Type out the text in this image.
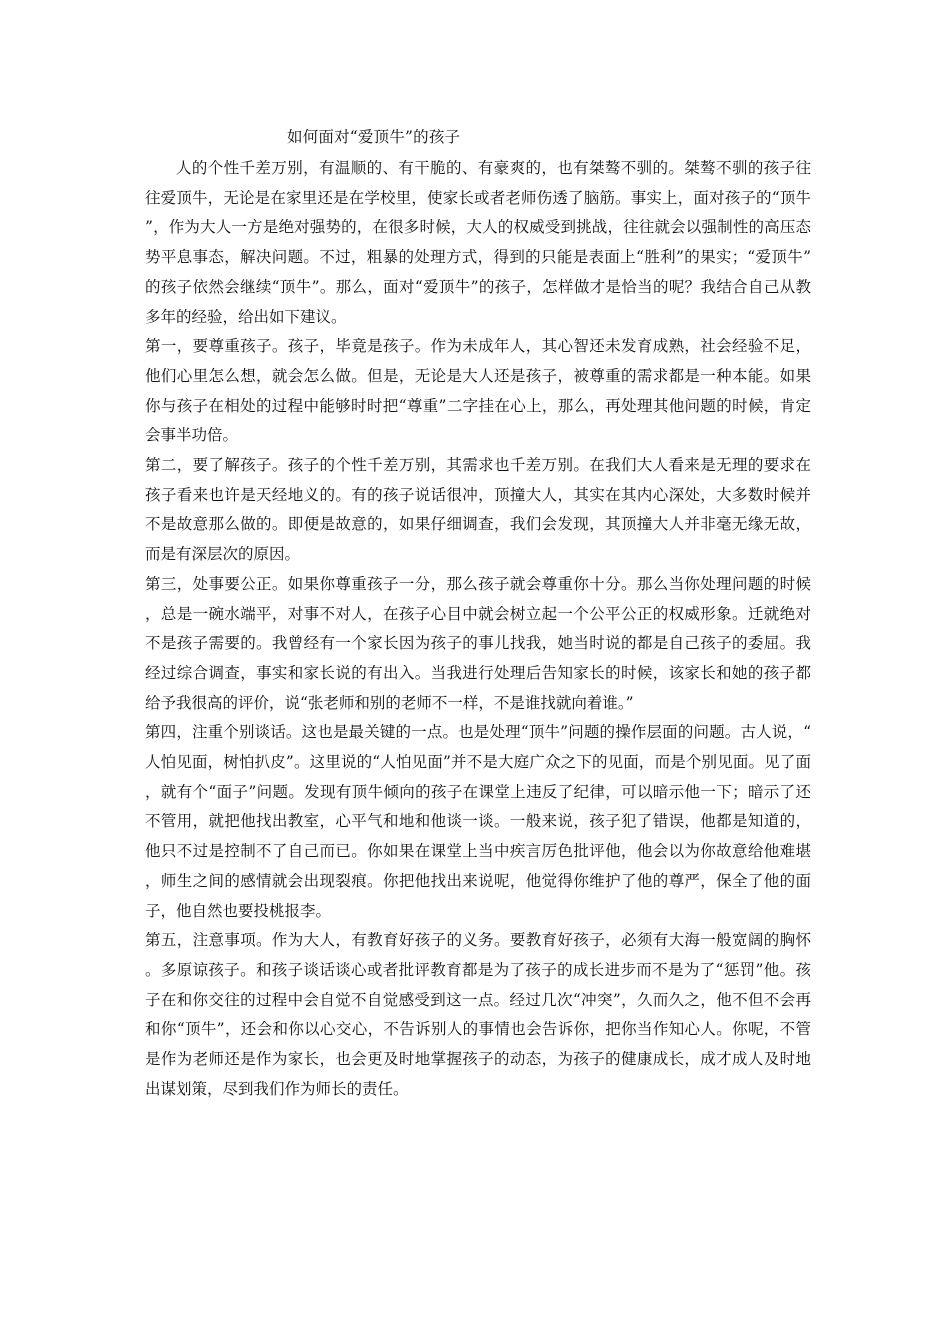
如何面对“爱顶牛”的孩子

人的个性千差万别，有温顺的、有干脆的、有豪爽的，也有桀骜不驯的。桀骜不驯的孩子往往爱顶牛，无论是在家里还是在学校里，使家长或者老师伤透了脑筋。事实上，面对孩子的“顶牛”，作为大人一方是绝对强势的，在很多时候，大人的权威受到挑战，往往就会以强制性的高压态势平息事态，解决问题。不过，粗暴的处理方式，得到的只能是表面上“胜利”的果实；“爱顶牛”的孩子依然会继续“顶牛”。那么，面对“爱顶牛”的孩子，怎样做才是恰当的呢？我结合自己从教多年的经验，给出如下建议。

第一，要尊重孩子。孩子，毕竟是孩子。作为未成年人，其心智还未发育成熟，社会经验不足，他们心里怎么想，就会怎么做。但是，无论是大人还是孩子，被尊重的需求都是一种本能。如果你与孩子在相处的过程中能够时时把“尊重”二字挂在心上，那么，再处理其他问题的时候，肯定会事半功倍。

第二，要了解孩子。孩子的个性千差万别，其需求也千差万别。在我们大人看来是无理的要求在孩子看来也许是天经地义的。有的孩子说话很冲，顶撞大人，其实在其内心深处，大多数时候并不是故意那么做的。即便是故意的，如果仔细调查，我们会发现，其顶撞大人并非毫无缘无故，而是有深层次的原因。

第三，处事要公正。如果你尊重孩子一分，那么孩子就会尊重你十分。那么当你处理问题的时候，总是一碗水端平，对事不对人，在孩子心目中就会树立起一个公平公正的权威形象。迁就绝对不是孩子需要的。我曾经有一个家长因为孩子的事儿找我，她当时说的都是自己孩子的委屈。我经过综合调查，事实和家长说的有出入。当我进行处理后告知家长的时候，该家长和她的孩子都给予我很高的评价，说“张老师和别的老师不一样，不是谁找就向着谁。”

第四，注重个别谈话。这也是最关键的一点。也是处理“顶牛”问题的操作层面的问题。古人说，“人怕见面，树怕扒皮”。这里说的“人怕见面”并不是大庭广众之下的见面，而是个别见面。见了面，就有个“面子”问题。发现有顶牛倾向的孩子在课堂上违反了纪律，可以暗示他一下；暗示了还不管用，就把他找出教室，心平气和地和他谈一谈。一般来说，孩子犯了错误，他都是知道的，他只不过是控制不了自己而已。你如果在课堂上当中疾言厉色批评他，他会以为你故意给他难堪，师生之间的感情就会出现裂痕。你把他找出来说呢，他觉得你维护了他的尊严，保全了他的面子，他自然也要投桃报李。

第五，注意事项。作为大人，有教育好孩子的义务。要教育好孩子，必须有大海一般宽阔的胸怀。多原谅孩子。和孩子谈话谈心或者批评教育都是为了孩子的成长进步而不是为了“惩罚”他。孩子在和你交往的过程中会自觉不自觉感受到这一点。经过几次“冲突”，久而久之，他不但不会再和你“顶牛”，还会和你以心交心，不告诉别人的事情也会告诉你，把你当作知心人。你呢，不管是作为老师还是作为家长，也会更及时地掌握孩子的动态，为孩子的健康成长，成才成人及时地出谋划策，尽到我们作为师长的责任。
